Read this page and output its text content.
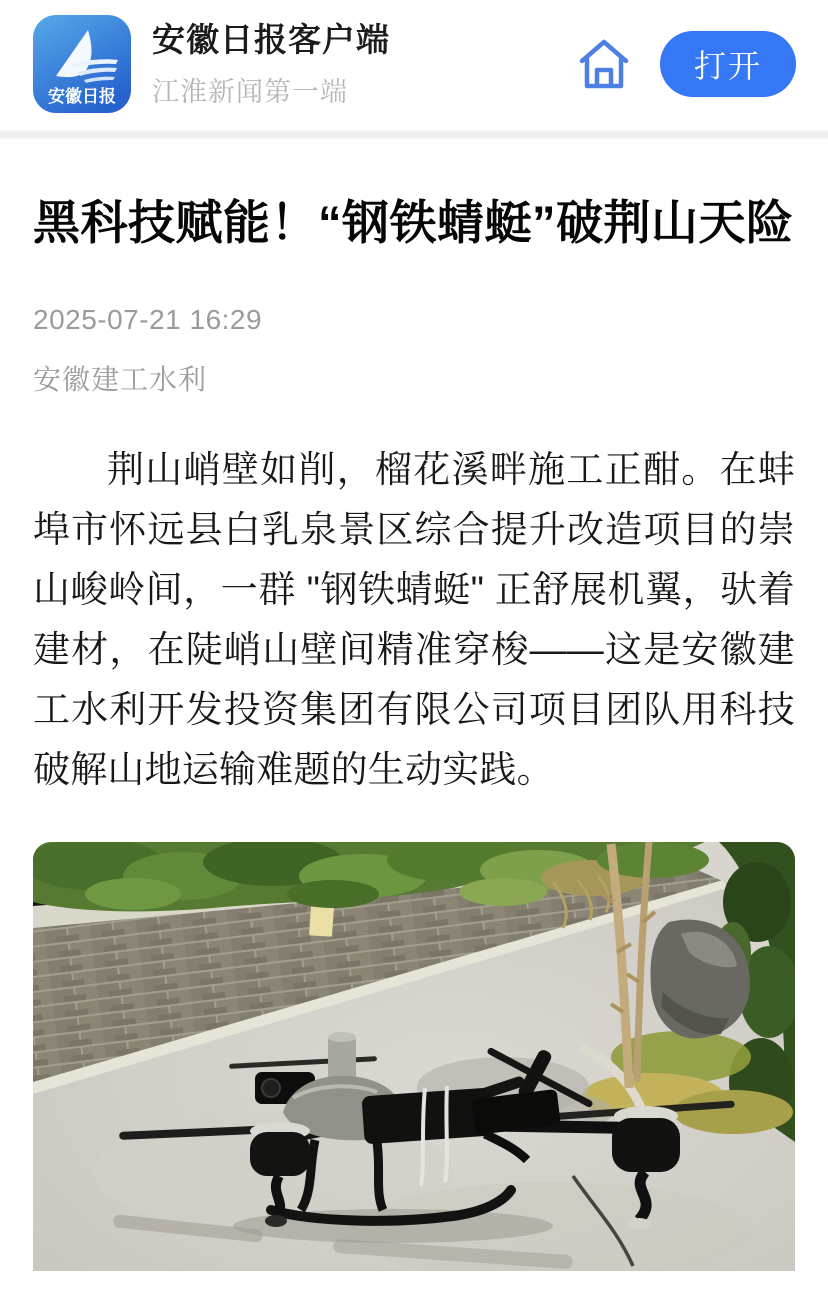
安徽日报
安徽日报客户端
江淮新闻第一端
打开
黑科技赋能！“钢铁蜻蜓”破荆山天险
2025-07-21 16:29
安徽建工水利

荆山峭壁如削，榴花溪畔施工正酣。在蚌埠市怀远县白乳泉景区综合提升改造项目的崇山峻岭间，一群 "钢铁蜻蜓" 正舒展机翼，驮着建材，在陡峭山壁间精准穿梭——这是安徽建工水利开发投资集团有限公司项目团队用科技破解山地运输难题的生动实践。
